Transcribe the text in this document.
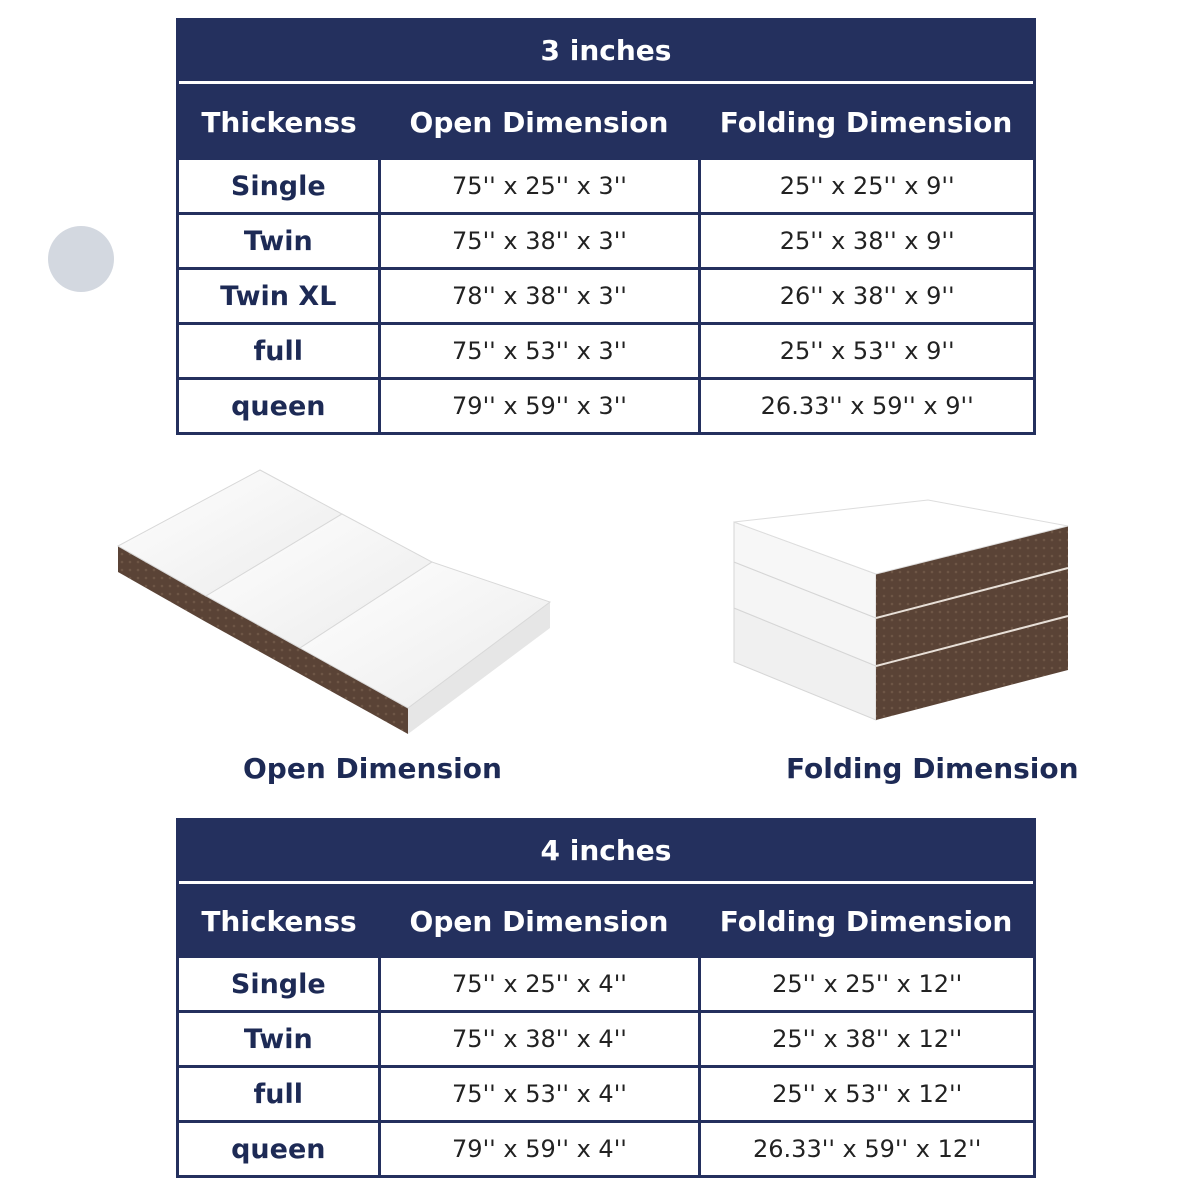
3 inches
Thickenss	Open Dimension	Folding Dimension
Single	75'' x 25'' x 3''	25'' x 25'' x 9''
Twin	75'' x 38'' x 3''	25'' x 38'' x 9''
Twin XL	78'' x 38'' x 3''	26'' x 38'' x 9''
full	75'' x 53'' x 3''	25'' x 53'' x 9''
queen	79'' x 59'' x 3''	26.33'' x 59'' x 9''
Open Dimension	Folding Dimension
4 inches
Thickenss	Open Dimension	Folding Dimension
Single	75'' x 25'' x 4''	25'' x 25'' x 12''
Twin	75'' x 38'' x 4''	25'' x 38'' x 12''
full	75'' x 53'' x 4''	25'' x 53'' x 12''
queen	79'' x 59'' x 4''	26.33'' x 59'' x 12''
